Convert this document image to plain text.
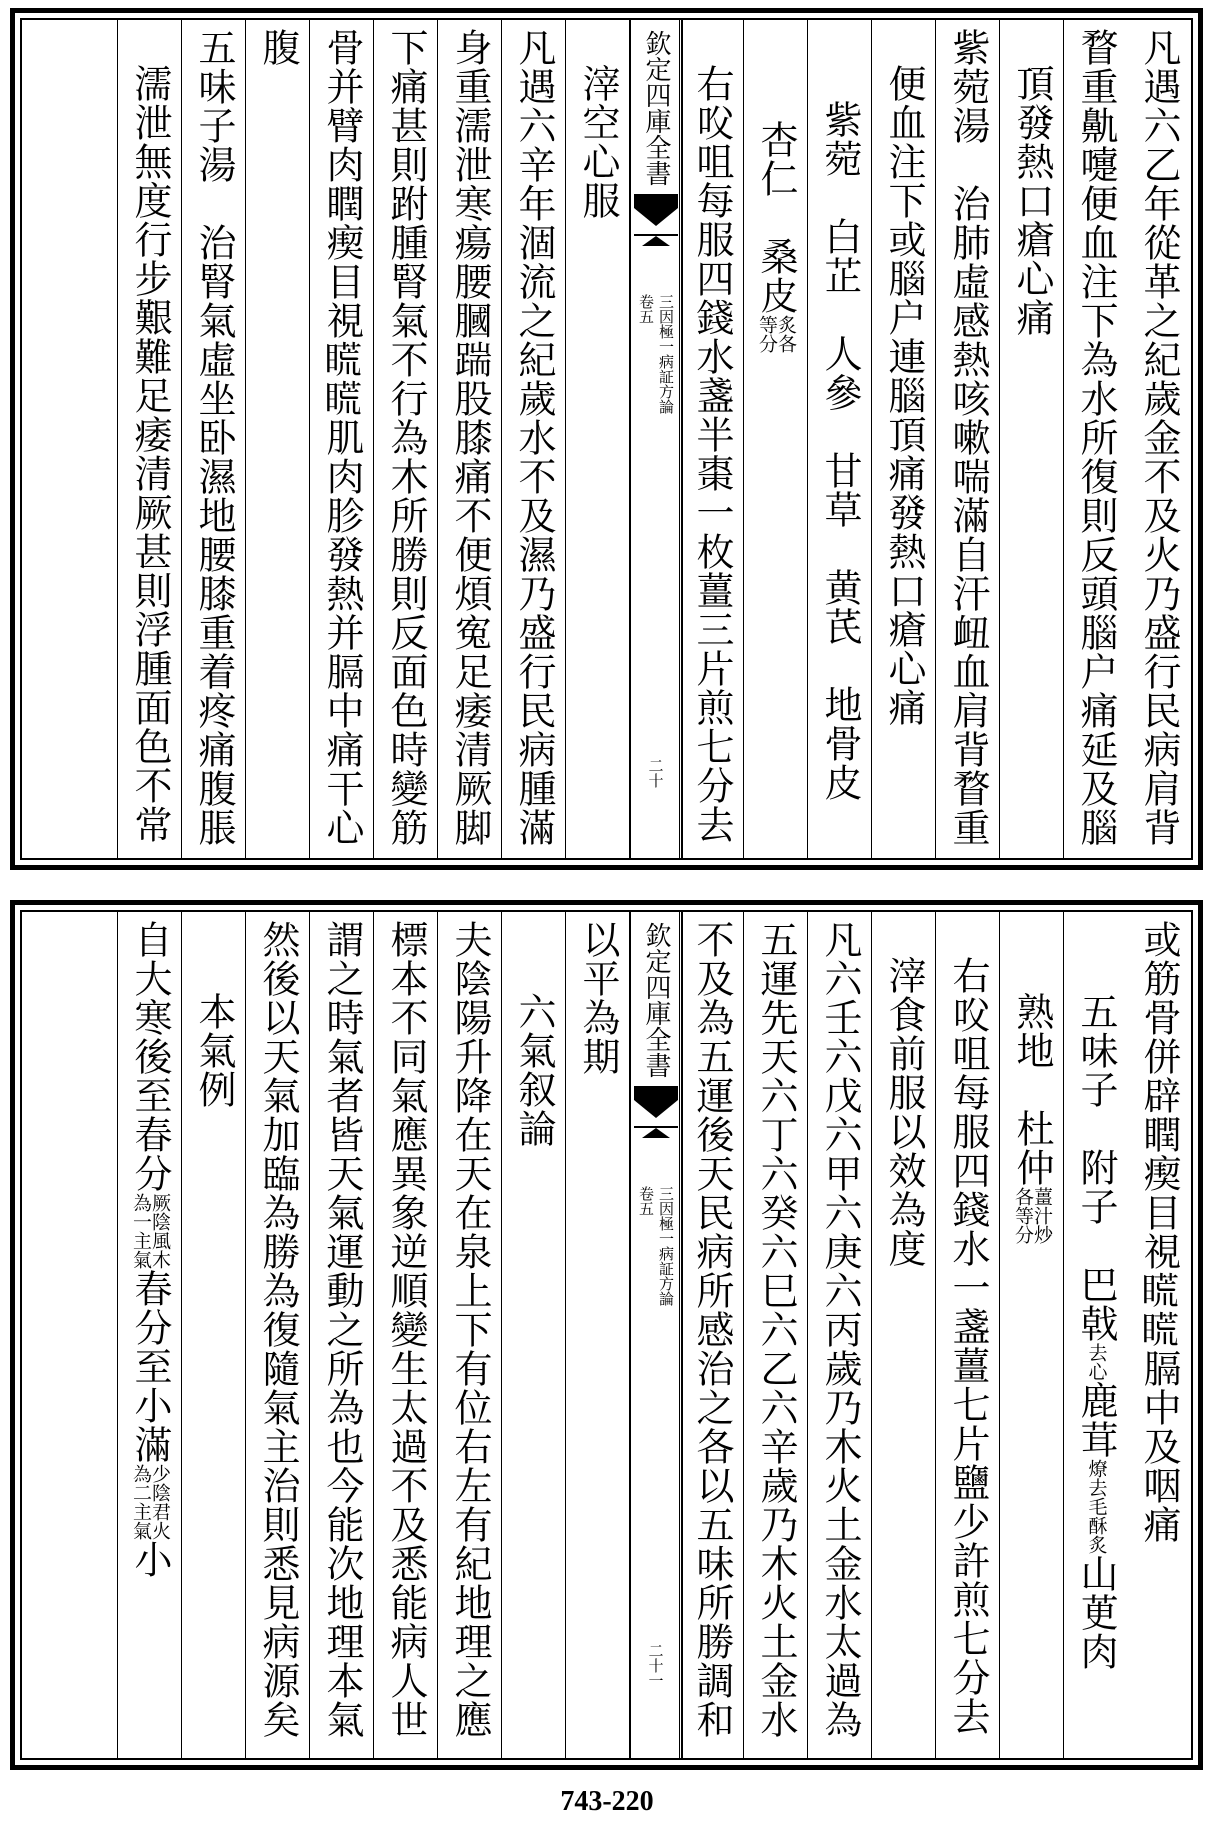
凡遇六乙年從革之紀歲金不及火乃盛行民病肩背
瞀重鼽嚏便血注下為水所復則反頭腦户痛延及腦
頂發熱口瘡心痛
紫菀湯　治肺虛感熱咳嗽喘滿自汗衄血肩背瞀重
便血注下或腦户連腦頂痛發熱口瘡心痛
紫菀　白芷　人參　甘草　黄芪　地骨皮
杏仁　桑皮
炙各
等分
右㕮咀每服四錢水盞半棗一枚薑三片煎七分去
欽定四庫全書
三因極一病証方論
卷五
二十
滓空心服
凡遇六辛年涸流之紀歲水不及濕乃盛行民病腫滿
身重濡泄寒瘍腰膕踹股膝痛不便煩寃足痿清厥脚
下痛甚則跗腫腎氣不行為木所勝則反面色時變筋
骨并臂肉瞤瘈目視𥉂𥉂肌肉胗發熱并膈中痛干心
腹
五味子湯　治腎氣虛坐卧濕地腰膝重着疼痛腹脹
濡泄無度行步艱難足痿清厥甚則浮腫面色不常
或筋骨併辟瞤瘈目視𥉂𥉂膈中及咽痛
五味子　附子　巴戟
去心
鹿茸
燎去毛酥炙
山茰肉
熟地　杜仲
薑汁炒
各等分
右㕮咀每服四錢水一盞薑七片鹽少許煎七分去
滓食前服以效為度
凡六壬六戊六甲六庚六丙歲乃木火土金水太過為
五運先天六丁六癸六巳六乙六辛歲乃木火土金水
不及為五運後天民病所感治之各以五味所勝調和
欽定四庫全書
三因極一病証方論
卷五
二十一
以平為期
六氣叙論
夫陰陽升降在天在泉上下有位右左有紀地理之應
標本不同氣應異象逆順變生太過不及悉能病人世
謂之時氣者皆天氣運動之所為也今能次地理本氣
然後以天氣加臨為勝為復隨氣主治則悉見病源矣
本氣例
自大寒後至春分
厥陰風木
為一主氣
春分至小滿
少陰君火
為二主氣
小
743-220
